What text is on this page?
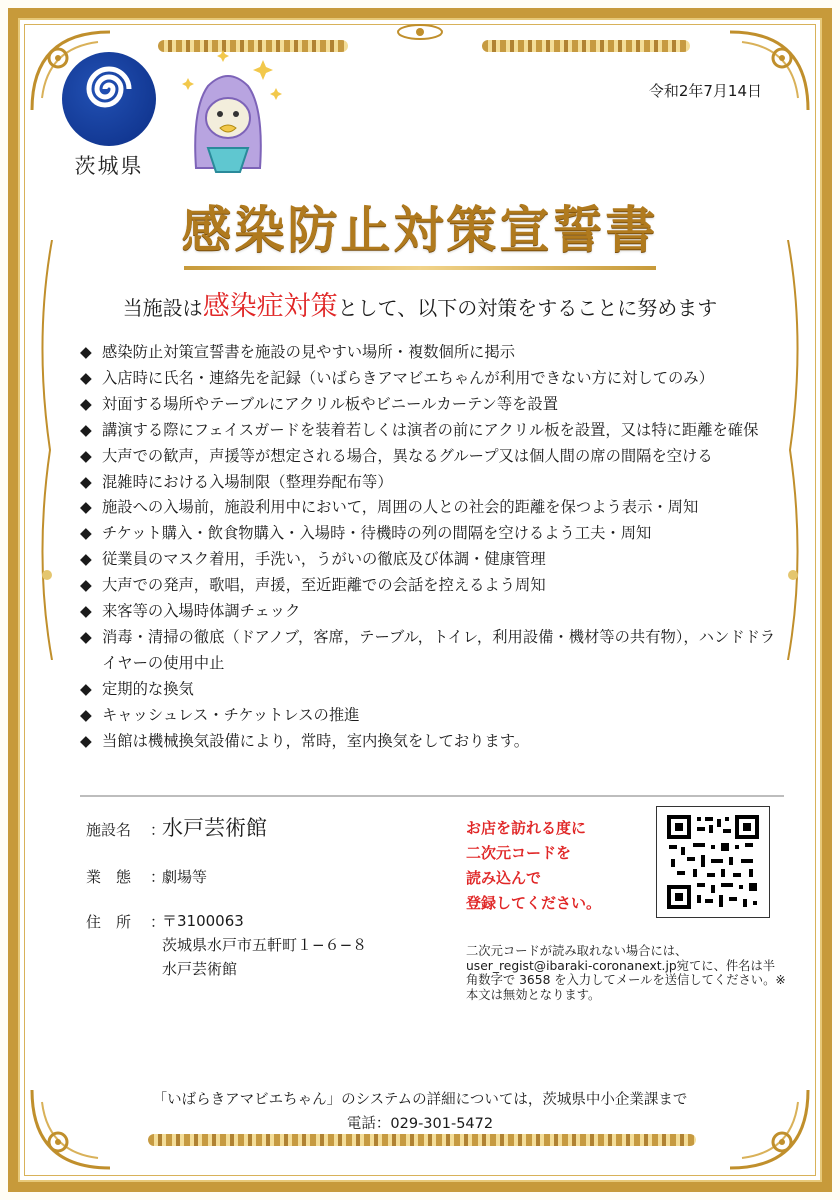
茨城県
令和2年7月14日
感染防止対策宣誓書
当施設は感染症対策として、以下の対策をすることに努めます
◆ 感染防止対策宣誓書を施設の見やすい場所・複数個所に掲示
◆ 入店時に氏名・連絡先を記録（いばらきアマビエちゃんが利用できない方に対してのみ）
◆ 対面する場所やテーブルにアクリル板やビニールカーテン等を設置
◆ 講演する際にフェイスガードを装着若しくは演者の前にアクリル板を設置，又は特に距離を確保
◆ 大声での歓声，声援等が想定される場合，異なるグループ又は個人間の席の間隔を空ける
◆ 混雑時における入場制限（整理券配布等）
◆ 施設への入場前，施設利用中において，周囲の人との社会的距離を保つよう表示・周知
◆ チケット購入・飲食物購入・入場時・待機時の列の間隔を空けるよう工夫・周知
◆ 従業員のマスク着用，手洗い，うがいの徹底及び体調・健康管理
◆ 大声での発声，歌唱，声援，至近距離での会話を控えるよう周知
◆ 来客等の入場時体調チェック
◆ 消毒・清掃の徹底（ドアノブ，客席，テーブル，トイレ，利用設備・機材等の共有物），ハンドドライヤーの使用中止
◆ 定期的な換気
◆ キャッシュレス・チケットレスの推進
◆ 当館は機械換気設備により，常時，室内換気をしております。
施設名	：
水戸芸術館
業　態	：
劇場等
住　所	：
〒3100063
茨城県水戸市五軒町１−６−８
水戸芸術館
お店を訪れる度に
二次元コードを
読み込んで
登録してください。
二次元コードが読み取れない場合には、user_regist@ibaraki-coronanext.jp宛てに、件名は半角数字で 3658 を入力してメールを送信してください。※本文は無効となります。
「いばらきアマビエちゃん」のシステムの詳細については，茨城県中小企業課まで
電話：029-301-5472
